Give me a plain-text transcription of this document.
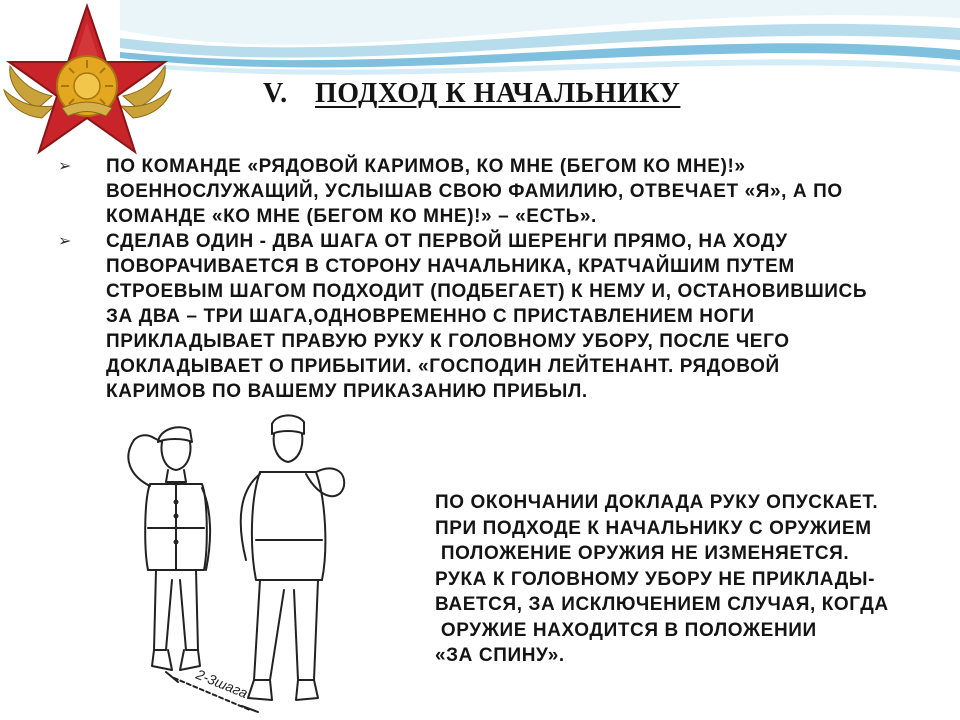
V. ПОДХОД К НАЧАЛЬНИКУ
➢ ПО КОМАНДЕ «РЯДОВОЙ КАРИМОВ, КО МНЕ (БЕГОМ КО МНЕ)!»
ВОЕННОСЛУЖАЩИЙ, УСЛЫШАВ СВОЮ ФАМИЛИЮ, ОТВЕЧАЕТ «Я», А ПО
КОМАНДЕ «КО МНЕ (БЕГОМ КО МНЕ)!» – «ЕСТЬ».
➢ СДЕЛАВ ОДИН - ДВА ШАГА ОТ ПЕРВОЙ ШЕРЕНГИ ПРЯМО, НА ХОДУ
ПОВОРАЧИВАЕТСЯ В СТОРОНУ НАЧАЛЬНИКА, КРАТЧАЙШИМ ПУТЕМ
СТРОЕВЫМ ШАГОМ ПОДХОДИТ (ПОДБЕГАЕТ) К НЕМУ И, ОСТАНОВИВШИСЬ
ЗА ДВА – ТРИ ШАГА,ОДНОВРЕМЕННО С ПРИСТАВЛЕНИЕМ НОГИ
ПРИКЛАДЫВАЕТ ПРАВУЮ РУКУ К ГОЛОВНОМУ УБОРУ, ПОСЛЕ ЧЕГО
ДОКЛАДЫВАЕТ О ПРИБЫТИИ. «ГОСПОДИН ЛЕЙТЕНАНТ. РЯДОВОЙ
КАРИМОВ ПО ВАШЕМУ ПРИКАЗАНИЮ ПРИБЫЛ.
2-3шага
ПО ОКОНЧАНИИ ДОКЛАДА РУКУ ОПУСКАЕТ.
ПРИ ПОДХОДЕ К НАЧАЛЬНИКУ С ОРУЖИЕМ
ПОЛОЖЕНИЕ ОРУЖИЯ НЕ ИЗМЕНЯЕТСЯ.
РУКА К ГОЛОВНОМУ УБОРУ НЕ ПРИКЛАДЫ-
ВАЕТСЯ, ЗА ИСКЛЮЧЕНИЕМ СЛУЧАЯ, КОГДА
ОРУЖИЕ НАХОДИТСЯ В ПОЛОЖЕНИИ
«ЗА СПИНУ».
